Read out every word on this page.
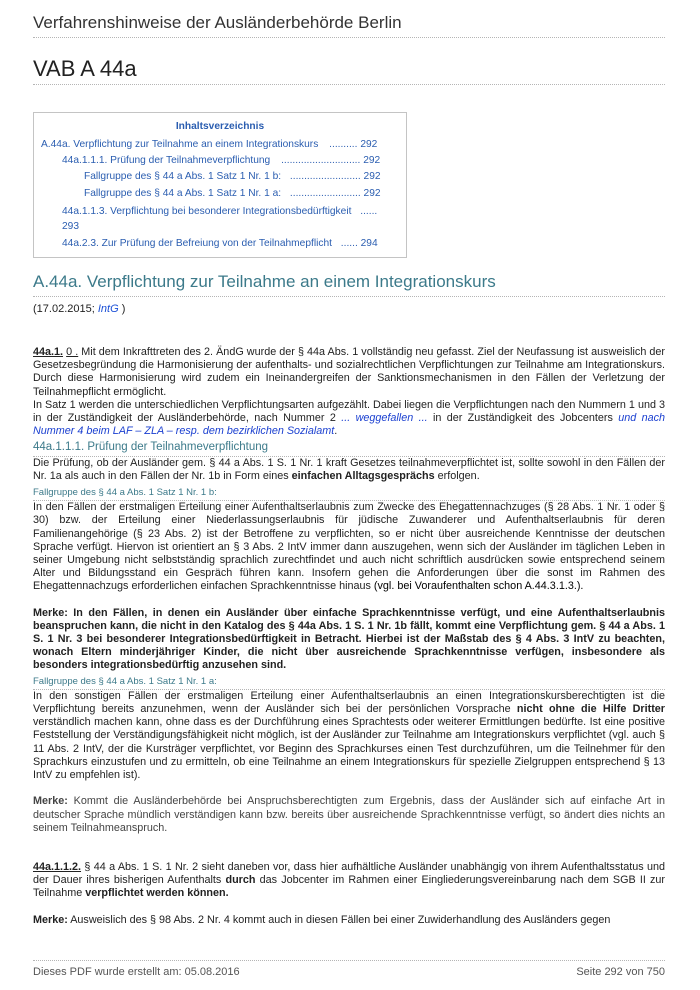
Verfahrenshinweise der Ausländerbehörde Berlin
VAB A 44a
Inhaltsverzeichnis
A.44a. Verpflichtung zur Teilnahme an einem Integrationskurs .......... 292
44a.1.1.1. Prüfung der Teilnahmeverpflichtung ............................ 292
Fallgruppe des § 44 a Abs. 1 Satz 1 Nr. 1 b: ......................... 292
Fallgruppe des § 44 a Abs. 1 Satz 1 Nr. 1 a: ......................... 292
44a.1.1.3. Verpflichtung bei besonderer Integrationsbedürftigkeit ......
293
44a.2.3. Zur Prüfung der Befreiung von der Teilnahmepflicht ...... 294
A.44a. Verpflichtung zur Teilnahme an einem Integrationskurs
(17.02.2015; IntG )
44a.1. 0 . Mit dem Inkrafttreten des 2. ÄndG wurde der § 44a Abs. 1 vollständig neu gefasst. Ziel der Neufassung ist ausweislich der Gesetzesbegründung die Harmonisierung der aufenthalts- und sozialrechtlichen Verpflichtungen zur Teilnahme am Integrationskurs. Durch diese Harmonisierung wird zudem ein Ineinandergreifen der Sanktionsmechanismen in den Fällen der Verletzung der Teilnahmepflicht ermöglicht.
In Satz 1 werden die unterschiedlichen Verpflichtungsarten aufgezählt. Dabei liegen die Verpflichtungen nach den Nummern 1 und 3 in der Zuständigkeit der Ausländerbehörde, nach Nummer 2 ... weggefallen ... in der Zuständigkeit des Jobcenters und nach Nummer 4 beim LAF – ZLA – resp. dem bezirklichen Sozialamt.
44a.1.1.1. Prüfung der Teilnahmeverpflichtung
Die Prüfung, ob der Ausländer gem. § 44 a Abs. 1 S. 1 Nr. 1 kraft Gesetzes teilnahmeverpflichtet ist, sollte sowohl in den Fällen der Nr. 1a als auch in den Fällen der Nr. 1b in Form eines einfachen Alltagsgesprächs erfolgen.
Fallgruppe des § 44 a Abs. 1 Satz 1 Nr. 1 b:
In den Fällen der erstmaligen Erteilung einer Aufenthaltserlaubnis zum Zwecke des Ehegattennachzuges (§ 28 Abs. 1 Nr. 1 oder § 30) bzw. der Erteilung einer Niederlassungserlaubnis für jüdische Zuwanderer und Aufenthaltserlaubnis für deren Familienangehörige (§ 23 Abs. 2) ist der Betroffene zu verpflichten, so er nicht über ausreichende Kenntnisse der deutschen Sprache verfügt. Hiervon ist orientiert an § 3 Abs. 2 IntV immer dann auszugehen, wenn sich der Ausländer im täglichen Leben in seiner Umgebung nicht selbstständig sprachlich zurechtfindet und auch nicht schriftlich ausdrücken sowie entsprechend seinem Alter und Bildungsstand ein Gespräch führen kann. Insofern gehen die Anforderungen über die sonst im Rahmen des Ehegattennachzugs erforderlichen einfachen Sprachkenntnisse hinaus (vgl. bei Voraufenthalten schon A.44.3.1.3.).
Merke: In den Fällen, in denen ein Ausländer über einfache Sprachkenntnisse verfügt, und eine Aufenthaltserlaubnis beanspruchen kann, die nicht in den Katalog des § 44a Abs. 1 S. 1 Nr. 1b fällt, kommt eine Verpflichtung gem. § 44 a Abs. 1 S. 1 Nr. 3 bei besonderer Integrationsbedürftigkeit in Betracht. Hierbei ist der Maßstab des § 4 Abs. 3 IntV zu beachten, wonach Eltern minderjähriger Kinder, die nicht über ausreichende Sprachkenntnisse verfügen, insbesondere als besonders integrationsbedürftig anzusehen sind.
Fallgruppe des § 44 a Abs. 1 Satz 1 Nr. 1 a:
In den sonstigen Fällen der erstmaligen Erteilung einer Aufenthaltserlaubnis an einen Integrationskursberechtigten ist die Verpflichtung bereits anzunehmen, wenn der Ausländer sich bei der persönlichen Vorsprache nicht ohne die Hilfe Dritter verständlich machen kann, ohne dass es der Durchführung eines Sprachtests oder weiterer Ermittlungen bedürfte. Ist eine positive Feststellung der Verständigungsfähigkeit nicht möglich, ist der Ausländer zur Teilnahme am Integrationskurs verpflichtet (vgl. auch § 11 Abs. 2 IntV, der die Kursträger verpflichtet, vor Beginn des Sprachkurses einen Test durchzuführen, um die Teilnehmer für den Sprachkurs einzustufen und zu ermitteln, ob eine Teilnahme an einem Integrationskurs für spezielle Zielgruppen entsprechend § 13 IntV zu empfehlen ist).
Merke: Kommt die Ausländerbehörde bei Anspruchsberechtigten zum Ergebnis, dass der Ausländer sich auf einfache Art in deutscher Sprache mündlich verständigen kann bzw. bereits über ausreichende Sprachkenntnisse verfügt, so ändert dies nichts an seinem Teilnahmeanspruch.
44a.1.1.2. § 44 a Abs. 1 S. 1 Nr. 2 sieht daneben vor, dass hier aufhältliche Ausländer unabhängig von ihrem Aufenthaltsstatus und der Dauer ihres bisherigen Aufenthalts durch das Jobcenter im Rahmen einer Eingliederungsvereinbarung nach dem SGB II zur Teilnahme verpflichtet werden können.
Merke: Ausweislich des § 98 Abs. 2 Nr. 4 kommt auch in diesen Fällen bei einer Zuwiderhandlung des Ausländers gegen
Dieses PDF wurde erstellt am: 05.08.2016	Seite 292 von 750
